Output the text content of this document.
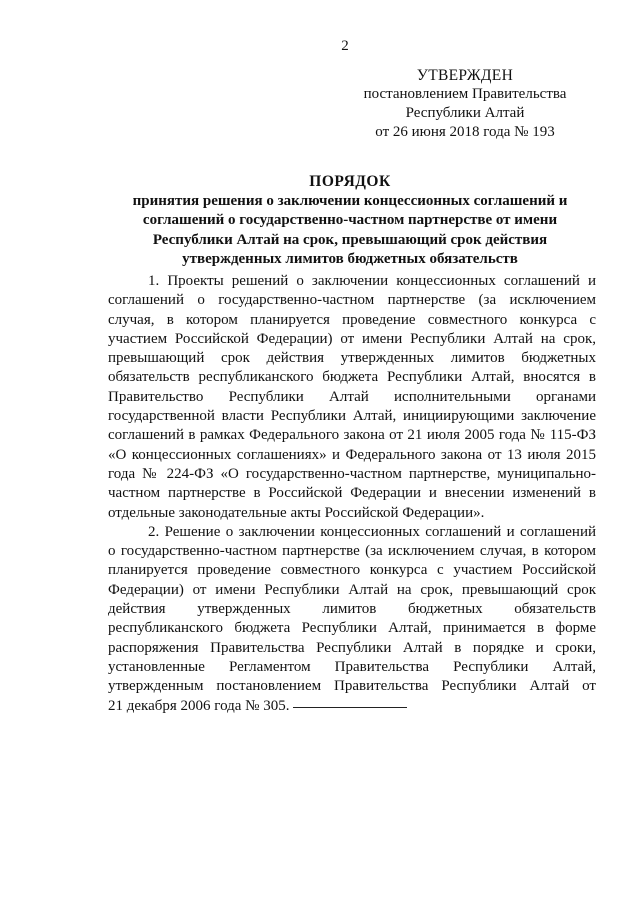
2
УТВЕРЖДЕН
постановлением Правительства
Республики Алтай
от 26 июня 2018 года № 193
ПОРЯДОК
принятия решения о заключении концессионных соглашений и
соглашений о государственно-частном партнерстве от имени
Республики Алтай на срок, превышающий срок действия
утвержденных лимитов бюджетных обязательств
1. Проекты решений о заключении концессионных соглашений и
соглашений о государственно-частном партнерстве (за исключением
случая, в котором планируется проведение совместного конкурса с
участием Российской Федерации) от имени Республики Алтай на срок,
превышающий срок действия утвержденных лимитов бюджетных
обязательств республиканского бюджета Республики Алтай, вносятся в
Правительство Республики Алтай исполнительными органами
государственной власти Республики Алтай, инициирующими заключение
соглашений в рамках Федерального закона от 21 июля 2005 года № 115-ФЗ
«О концессионных соглашениях» и Федерального закона от 13 июля 2015
года № 224-ФЗ «О государственно-частном партнерстве, муниципально-
частном партнерстве в Российской Федерации и внесении изменений в
отдельные законодательные акты Российской Федерации».
2. Решение о заключении концессионных соглашений и соглашений
о государственно-частном партнерстве (за исключением случая, в котором
планируется проведение совместного конкурса с участием Российской
Федерации) от имени Республики Алтай на срок, превышающий срок
действия утвержденных лимитов бюджетных обязательств
республиканского бюджета Республики Алтай, принимается в форме
распоряжения Правительства Республики Алтай в порядке и сроки,
установленные Регламентом Правительства Республики Алтай,
утвержденным постановлением Правительства Республики Алтай от
21 декабря 2006 года № 305.
